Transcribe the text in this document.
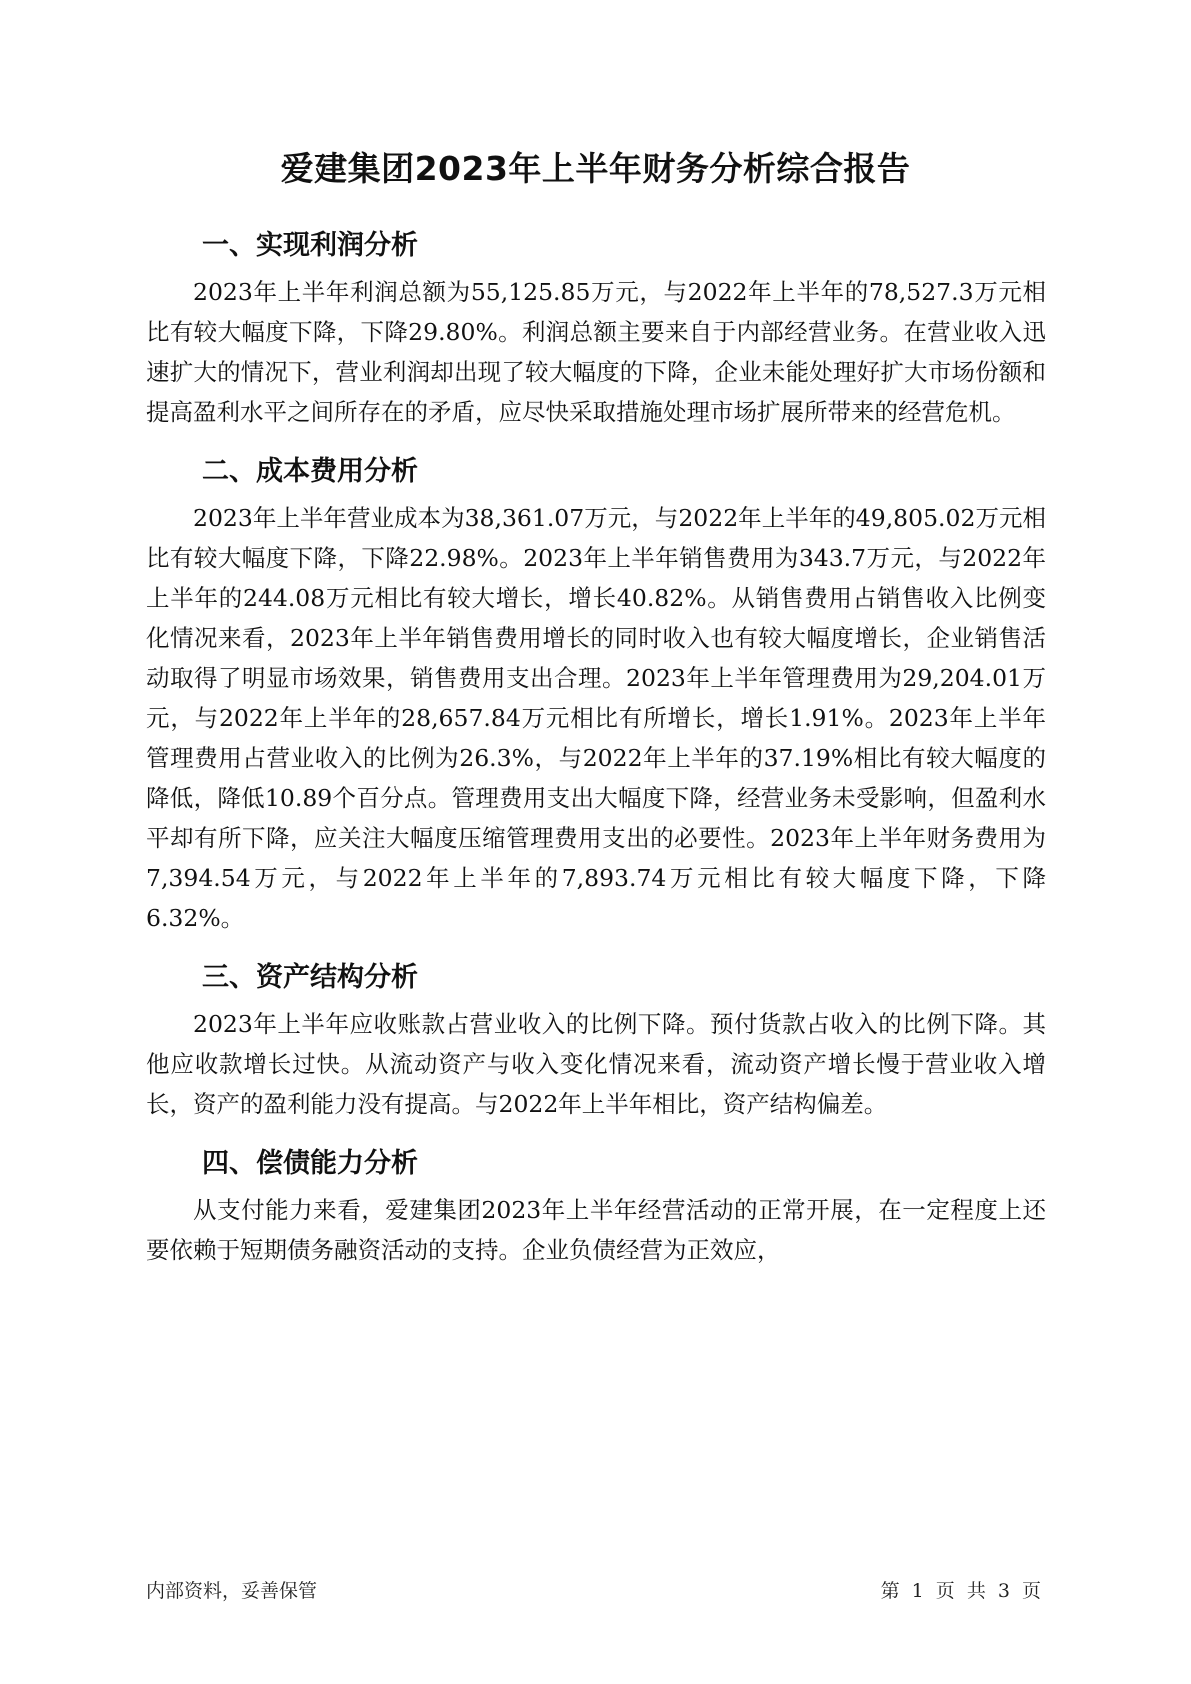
爱建集团2023年上半年财务分析综合报告
一、实现利润分析

2023年上半年利润总额为55,125.85万元，与2022年上半年的78,527.3万元相比有较大幅度下降，下降29.80%。利润总额主要来自于内部经营业务。在营业收入迅速扩大的情况下，营业利润却出现了较大幅度的下降，企业未能处理好扩大市场份额和提高盈利水平之间所存在的矛盾，应尽快采取措施处理市场扩展所带来的经营危机。

二、成本费用分析

2023年上半年营业成本为38,361.07万元，与2022年上半年的49,805.02万元相比有较大幅度下降，下降22.98%。2023年上半年销售费用为343.7万元，与2022年上半年的244.08万元相比有较大增长，增长40.82%。从销售费用占销售收入比例变化情况来看，2023年上半年销售费用增长的同时收入也有较大幅度增长，企业销售活动取得了明显市场效果，销售费用支出合理。2023年上半年管理费用为29,204.01万元，与2022年上半年的28,657.84万元相比有所增长，增长1.91%。2023年上半年管理费用占营业收入的比例为26.3%，与2022年上半年的37.19%相比有较大幅度的降低，降低10.89个百分点。管理费用支出大幅度下降，经营业务未受影响，但盈利水平却有所下降，应关注大幅度压缩管理费用支出的必要性。2023年上半年财务费用为7,394.54万元，与2022年上半年的7,893.74万元相比有较大幅度下降，下降6.32%。

三、资产结构分析

2023年上半年应收账款占营业收入的比例下降。预付货款占收入的比例下降。其他应收款增长过快。从流动资产与收入变化情况来看，流动资产增长慢于营业收入增长，资产的盈利能力没有提高。与2022年上半年相比，资产结构偏差。

四、偿债能力分析

从支付能力来看，爱建集团2023年上半年经营活动的正常开展，在一定程度上还要依赖于短期债务融资活动的支持。企业负债经营为正效应，

内部资料，妥善保管	第 1 页 共 3 页
